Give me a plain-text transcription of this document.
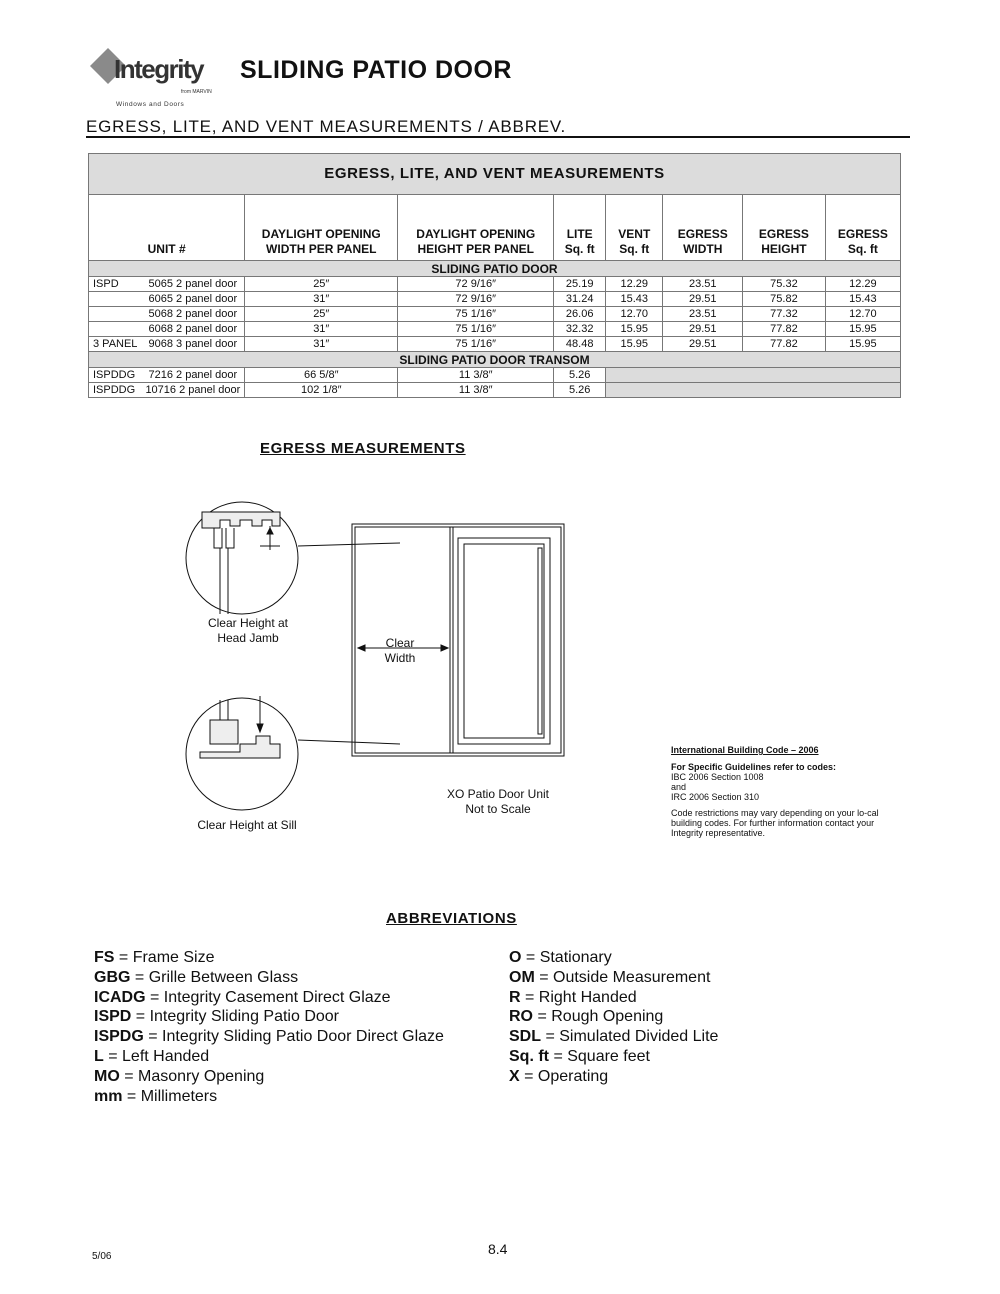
Integrity
from MARVIN
Windows and Doors
SLIDING PATIO DOOR
EGRESS, LITE, AND VENT MEASUREMENTS / ABBREV.
EGRESS, LITE, AND VENT MEASUREMENTS								
UNIT #		DAYLIGHT OPENING WIDTH PER PANEL	DAYLIGHT OPENING HEIGHT PER PANEL	LITE Sq. ft	VENT Sq. ft	EGRESS WIDTH	EGRESS HEIGHT	EGRESS Sq. ft
SLIDING PATIO DOOR								
ISPD	5065 2 panel door	25″	72 9/16″	25.19	12.29	23.51	75.32	12.29
	6065 2 panel door	31″	72 9/16″	31.24	15.43	29.51	75.82	15.43
	5068 2 panel door	25″	75 1/16″	26.06	12.70	23.51	77.32	12.70
	6068 2 panel door	31″	75 1/16″	32.32	15.95	29.51	77.82	15.95
3 PANEL	9068 3 panel door	31″	75 1/16″	48.48	15.95	29.51	77.82	15.95
SLIDING PATIO DOOR TRANSOM								
ISPDDG	7216 2 panel door	66 5/8″	11 3/8″	5.26				
ISPDDG	10716 2 panel door	102 1/8″	11 3/8″	5.26				
EGRESS MEASUREMENTS
Clear Height at
Head Jamb	Clear
Width
Clear Height at Sill
XO Patio Door Unit
Not to Scale
International Building Code – 2006
For Specific Guidelines refer to codes:
IBC 2006 Section 1008
and
IRC 2006 Section 310
Code restrictions may vary depending on your lo-cal building codes. For further information contact your Integrity representative.
ABBREVIATIONS
FS = Frame Size
GBG = Grille Between Glass
ICADG = Integrity Casement Direct Glaze
ISPD = Integrity Sliding Patio Door
ISPDG = Integrity Sliding Patio Door Direct Glaze
L = Left Handed
MO = Masonry Opening
mm = Millimeters
O = Stationary
OM = Outside Measurement
R = Right Handed
RO = Rough Opening
SDL = Simulated Divided Lite
Sq. ft = Square feet
X = Operating
5/06	8.4
